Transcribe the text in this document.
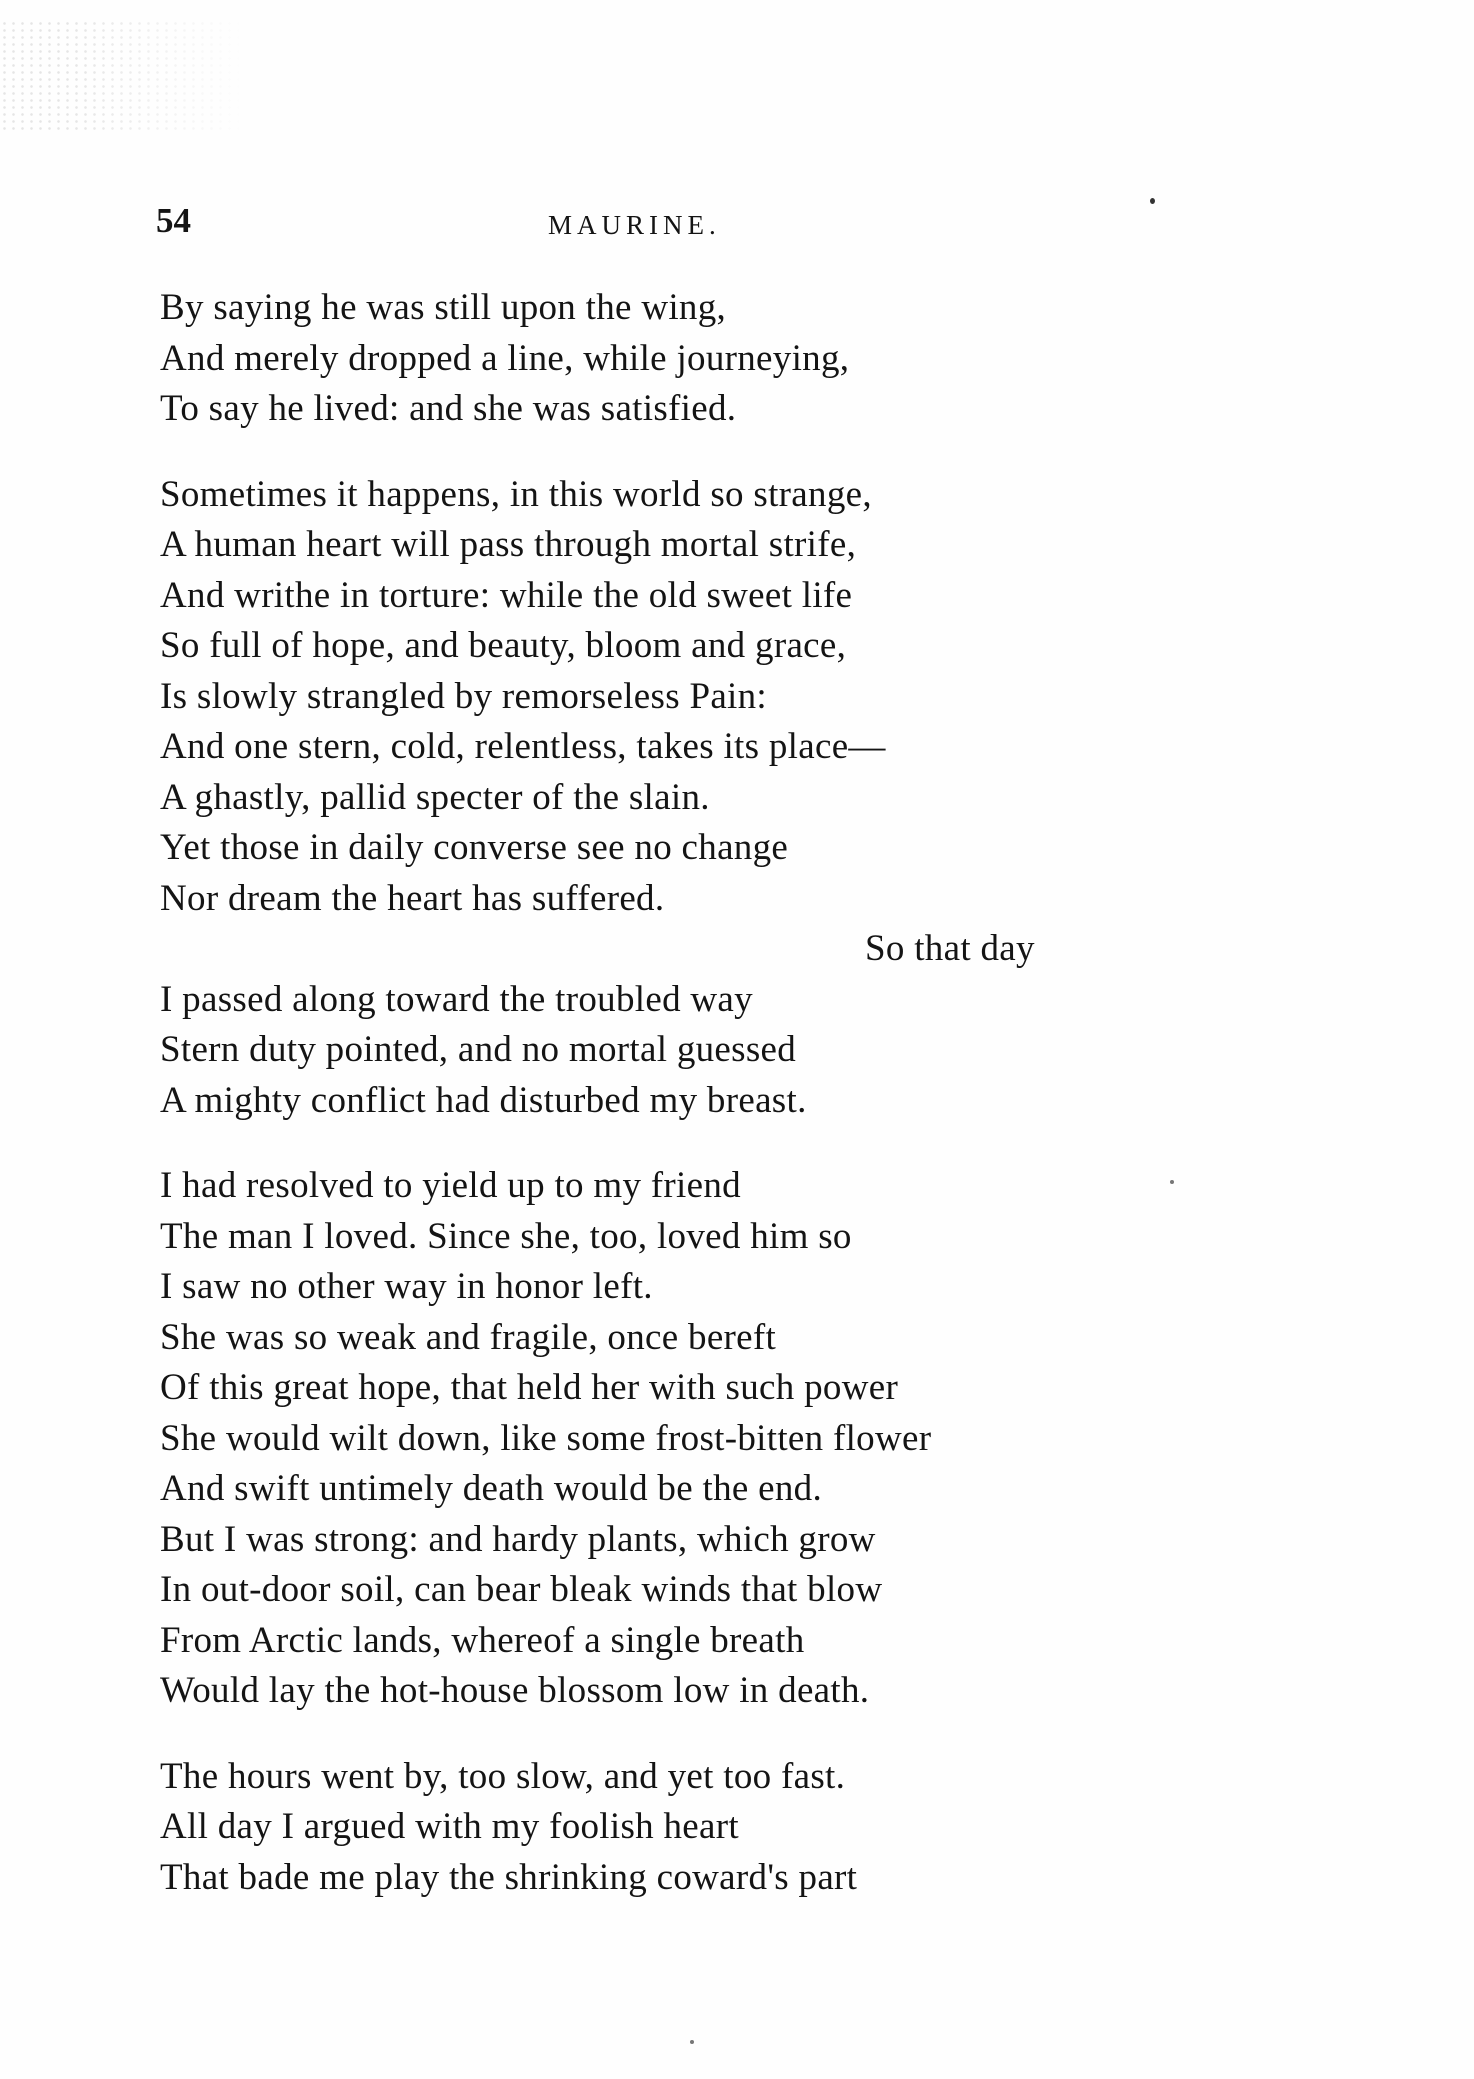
54	MAURINE.
By saying he was still upon the wing,
And merely dropped a line, while journeying,
To say he lived: and she was satisfied.
Sometimes it happens, in this world so strange,
A human heart will pass through mortal strife,
And writhe in torture: while the old sweet life
So full of hope, and beauty, bloom and grace,
Is slowly strangled by remorseless Pain:
And one stern, cold, relentless, takes its place—
A ghastly, pallid specter of the slain.
Yet those in daily converse see no change
Nor dream the heart has suffered.
So that day
I passed along toward the troubled way
Stern duty pointed, and no mortal guessed
A mighty conflict had disturbed my breast.
I had resolved to yield up to my friend
The man I loved. Since she, too, loved him so
I saw no other way in honor left.
She was so weak and fragile, once bereft
Of this great hope, that held her with such power
She would wilt down, like some frost-bitten flower
And swift untimely death would be the end.
But I was strong: and hardy plants, which grow
In out-door soil, can bear bleak winds that blow
From Arctic lands, whereof a single breath
Would lay the hot-house blossom low in death.
The hours went by, too slow, and yet too fast.
All day I argued with my foolish heart
That bade me play the shrinking coward's part
